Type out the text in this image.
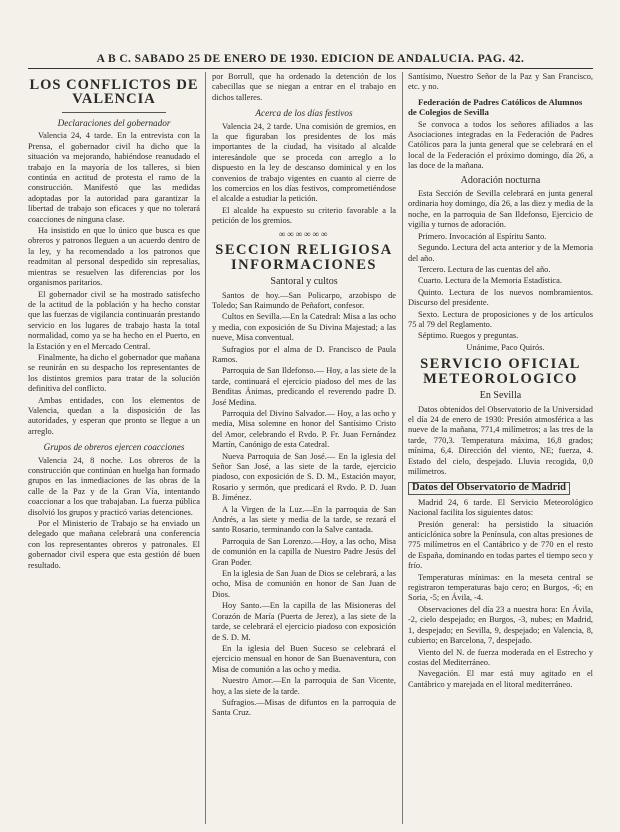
A B C. SABADO 25 DE ENERO DE 1930. EDICION DE ANDALUCIA. PAG. 42.
LOS CONFLICTOS DE VALENCIA
Declaraciones del gobernador

Valencia 24, 4 tarde. En la entrevista con la Prensa, el gobernador civil ha dicho que la situación va mejorando, habiéndose reanudado el trabajo en la mayoría de los talleres, si bien continúa en actitud de protesta el ramo de la construcción. Manifestó que las medidas adoptadas por la autoridad para garantizar la libertad de trabajo son eficaces y que no tolerará coacciones de ninguna clase.

Ha insistido en que lo único que busca es que obreros y patronos lleguen a un acuerdo dentro de la ley, y ha recomendado a los patronos que readmitan al personal despedido sin represalias, mientras se resuelven las diferencias por los organismos paritarios.

El gobernador civil se ha mostrado satisfecho de la actitud de la población y ha hecho constar que las fuerzas de vigilancia continuarán prestando servicio en los lugares de trabajo hasta la total normalidad, como ya se ha hecho en el Puerto, en la Estación y en el Mercado Central.

Finalmente, ha dicho el gobernador que mañana se reunirán en su despacho los representantes de los distintos gremios para tratar de la solución definitiva del conflicto.

Ambas entidades, con los elementos de Valencia, quedan a la disposición de las autoridades, y esperan que pronto se llegue a un arreglo.

Grupos de obreros ejercen coacciones

Valencia 24, 8 noche. Los obreros de la construcción que continúan en huelga han formado grupos en las inmediaciones de las obras de la calle de la Paz y de la Gran Vía, intentando coaccionar a los que trabajaban. La fuerza pública disolvió los grupos y practicó varias detenciones.

Por el Ministerio de Trabajo se ha enviado un delegado que mañana celebrará una conferencia con los representantes obreros y patronales. El gobernador civil espera que esta gestión dé buen resultado.

por Borrull, que ha ordenado la detención de los cabecillas que se niegan a entrar en el trabajo en dichos talleres.

Acerca de los días festivos

Valencia 24, 2 tarde. Una comisión de gremios, en la que figuraban los presidentes de los más importantes de la ciudad, ha visitado al alcalde interesándole que se proceda con arreglo a lo dispuesto en la ley de descanso dominical y en los convenios de trabajo vigentes en cuanto al cierre de los comercios en los días festivos, comprometiéndose el alcalde a estudiar la petición.

El alcalde ha expuesto su criterio favorable a la petición de los gremios.

∞∞∞∞∞∞
SECCION RELIGIOSA INFORMACIONES
Santoral y cultos

Santos de hoy.—San Policarpo, arzobispo de Toledo; San Raimundo de Peñafort, confesor.

Cultos en Sevilla.—En la Catedral: Misa a las ocho y media, con exposición de Su Divina Majestad; a las nueve, Misa conventual.

Sufragios por el alma de D. Francisco de Paula Ramos.

Parroquia de San Ildefonso.— Hoy, a las siete de la tarde, continuará el ejercicio piadoso del mes de las Benditas Ánimas, predicando el reverendo padre D. José Medina.

Parroquia del Divino Salvador.— Hoy, a las ocho y media, Misa solemne en honor del Santísimo Cristo del Amor, celebrando el Rvdo. P. Fr. Juan Fernández Martín, Canónigo de esta Catedral.

Nueva Parroquia de San José.— En la iglesia del Señor San José, a las siete de la tarde, ejercicio piadoso, con exposición de S. D. M., Estación mayor, Rosario y sermón, que predicará el Rvdo. P. D. Juan B. Jiménez.

A la Virgen de la Luz.—En la parroquia de San Andrés, a las siete y media de la tarde, se rezará el santo Rosario, terminando con la Salve cantada.

Parroquia de San Lorenzo.—Hoy, a las ocho, Misa de comunión en la capilla de Nuestro Padre Jesús del Gran Poder.

En la iglesia de San Juan de Dios se celebrará, a las ocho, Misa de comunión en honor de San Juan de Dios.

Hoy Santo.—En la capilla de las Misioneras del Corazón de María (Puerta de Jerez), a las siete de la tarde, se celebrará el ejercicio piadoso con exposición de S. D. M.

En la iglesia del Buen Suceso se celebrará el ejercicio mensual en honor de San Buenaventura, con Misa de comunión a las ocho y media.

Nuestro Amor.—En la parroquia de San Vicente, hoy, a las siete de la tarde.

Sufragios.—Misas de difuntos en la parroquia de Santa Cruz.

Santísimo, Nuestro Señor de la Paz y San Francisco, etc. y no.

Federación de Padres Católicos de Alumnos de Colegios de Sevilla

Se convoca a todos los señores afiliados a las Asociaciones integradas en la Federación de Padres Católicos para la junta general que se celebrará en el local de la Federación el próximo domingo, día 26, a las doce de la mañana.

Adoración nocturna

Esta Sección de Sevilla celebrará en junta general ordinaria hoy domingo, día 26, a las diez y media de la noche, en la parroquia de San Ildefonso, Ejercicio de vigilia y turnos de adoración.

Primero. Invocación al Espíritu Santo.

Segundo. Lectura del acta anterior y de la Memoria del año.

Tercero. Lectura de las cuentas del año.

Cuarto. Lectura de la Memoria Estadística.

Quinto. Lectura de los nuevos nombramientos. Discurso del presidente.

Sexto. Lectura de proposiciones y de los artículos 75 al 79 del Reglamento.

Séptimo. Ruegos y preguntas.

Unánime, Paco Quirós.

SERVICIO OFICIAL METEOROLOGICO
En Sevilla

Datos obtenidos del Observatorio de la Universidad el día 24 de enero de 1930: Presión atmosférica a las nueve de la mañana, 771,4 milímetros; a las tres de la tarde, 770,3. Temperatura máxima, 16,8 grados; mínima, 6,4. Dirección del viento, NE; fuerza, 4. Estado del cielo, despejado. Lluvia recogida, 0,0 milímetros.

Datos del Observatorio de Madrid

Madrid 24, 6 tarde. El Servicio Meteorológico Nacional facilita los siguientes datos:

Presión general: ha persistido la situación anticiclónica sobre la Península, con altas presiones de 775 milímetros en el Cantábrico y de 770 en el resto de España, dominando en todas partes el tiempo seco y frío.

Temperaturas mínimas: en la meseta central se registraron temperaturas bajo cero; en Burgos, -6; en Soria, -5; en Ávila, -4.

Observaciones del día 23 a nuestra hora: En Ávila, -2, cielo despejado; en Burgos, -3, nubes; en Madrid, 1, despejado; en Sevilla, 9, despejado; en Valencia, 8, cubierto; en Barcelona, 7, despejado.

Viento del N. de fuerza moderada en el Estrecho y costas del Mediterráneo.

Navegación. El mar está muy agitado en el Cantábrico y marejada en el litoral mediterráneo.
